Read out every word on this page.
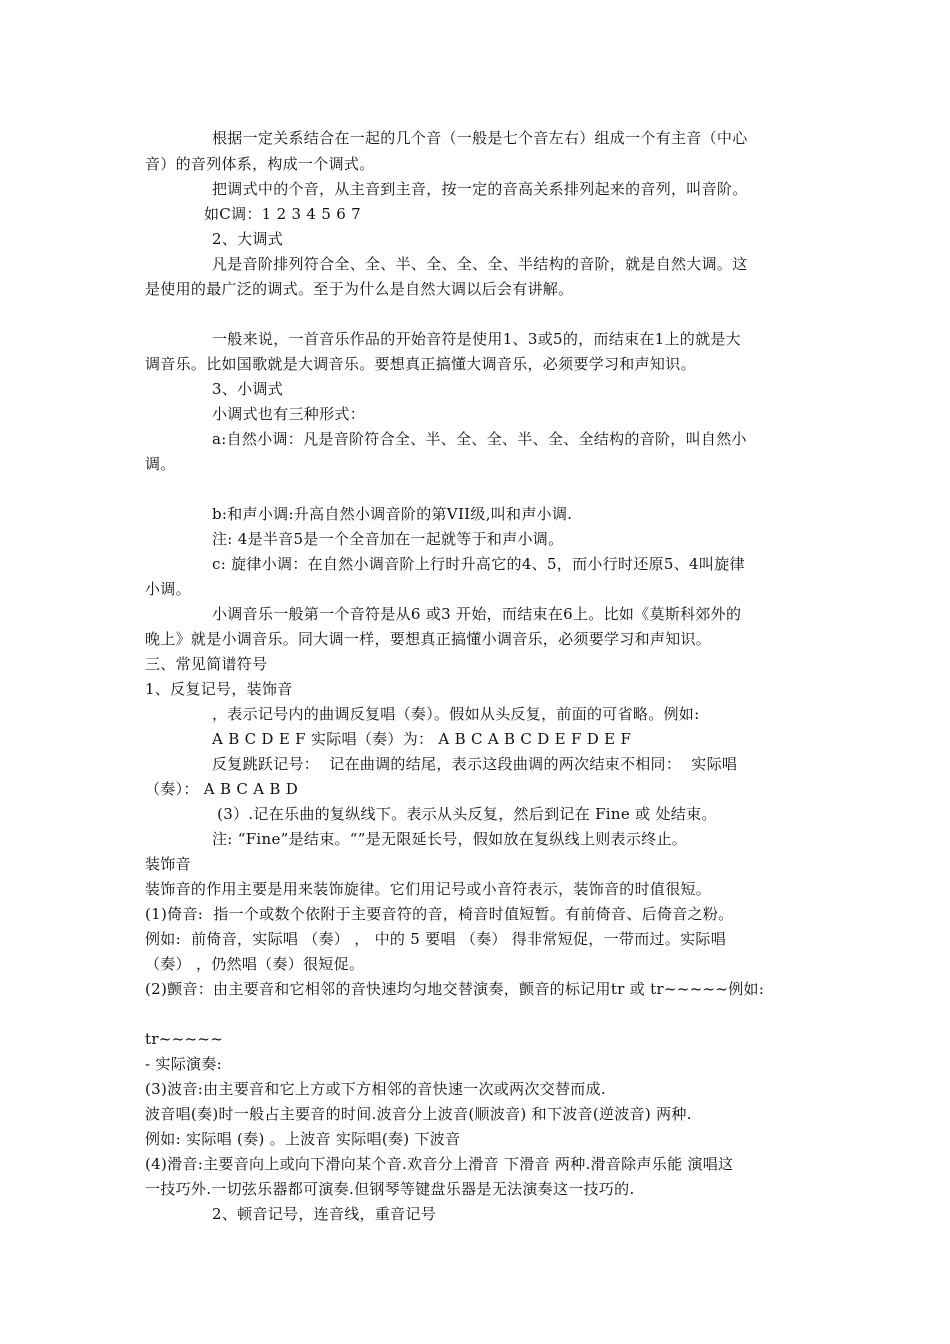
根据一定关系结合在一起的几个音（一般是七个音左右）组成一个有主音（中心
音）的音列体系，构成一个调式。
把调式中的个音，从主音到主音，按一定的音高关系排列起来的音列，叫音阶。
如C调：1 2 3 4 5 6 7
2、大调式
凡是音阶排列符合全、全、半、全、全、全、半结构的音阶，就是自然大调。这
是使用的最广泛的调式。至于为什么是自然大调以后会有讲解。
一般来说，一首音乐作品的开始音符是使用1、3或5的，而结束在1上的就是大
调音乐。比如国歌就是大调音乐。要想真正搞懂大调音乐，必须要学习和声知识。
3、小调式
小调式也有三种形式：
a:自然小调：凡是音阶符合全、半、全、全、半、全、全结构的音阶，叫自然小
调。
b:和声小调:升高自然小调音阶的第VII级,叫和声小调.
注: 4是半音5是一个全音加在一起就等于和声小调。
c: 旋律小调：在自然小调音阶上行时升高它的4、5，而小行时还原5、4叫旋律
小调。
小调音乐一般第一个音符是从6 或3 开始，而结束在6上。比如《莫斯科郊外的
晚上》就是小调音乐。同大调一样，要想真正搞懂小调音乐，必须要学习和声知识。
三、常见简谱符号
1、反复记号，装饰音
，表示记号内的曲调反复唱（奏）。假如从头反复，前面的可省略。例如:
A B C D E F 实际唱（奏）为： A B C A B C D E F D E F
反复跳跃记号：  记在曲调的结尾，表示这段曲调的两次结束不相同：  实际唱
（奏）： A B C A B D
(3）.记在乐曲的复纵线下。表示从头反复，然后到记在 Fine 或 处结束。
注: “Fine”是结束。“”是无限延长号，假如放在复纵线上则表示终止。
装饰音
装饰音的作用主要是用来装饰旋律。它们用记号或小音符表示，装饰音的时值很短。
(1)倚音:  指一个或数个依附于主要音符的音，椅音时值短暂。有前倚音、后倚音之粉。
例如:  前倚音，实际唱 （奏） ， 中的 5 要唱 （奏） 得非常短促，一带而过。实际唱
（奏） ，仍然唱（奏）很短促。
(2)颤音：由主要音和它相邻的音快速均匀地交替演奏，颤音的标记用tr 或 tr~~~~~例如:
tr~~~~~
- 实际演奏:
(3)波音:由主要音和它上方或下方相邻的音快速一次或两次交替而成.
波音唱(奏)时一般占主要音的时间.波音分上波音(顺波音) 和下波音(逆波音) 两种.
例如: 实际唱 (奏) 。上波音 实际唱(奏) 下波音
(4)滑音:主要音向上或向下滑向某个音.欢音分上滑音 下滑音 两种.滑音除声乐能 演唱这
一技巧外.一切弦乐器都可演奏.但钢琴等键盘乐器是无法演奏这一技巧的.
2、顿音记号，连音线，重音记号
